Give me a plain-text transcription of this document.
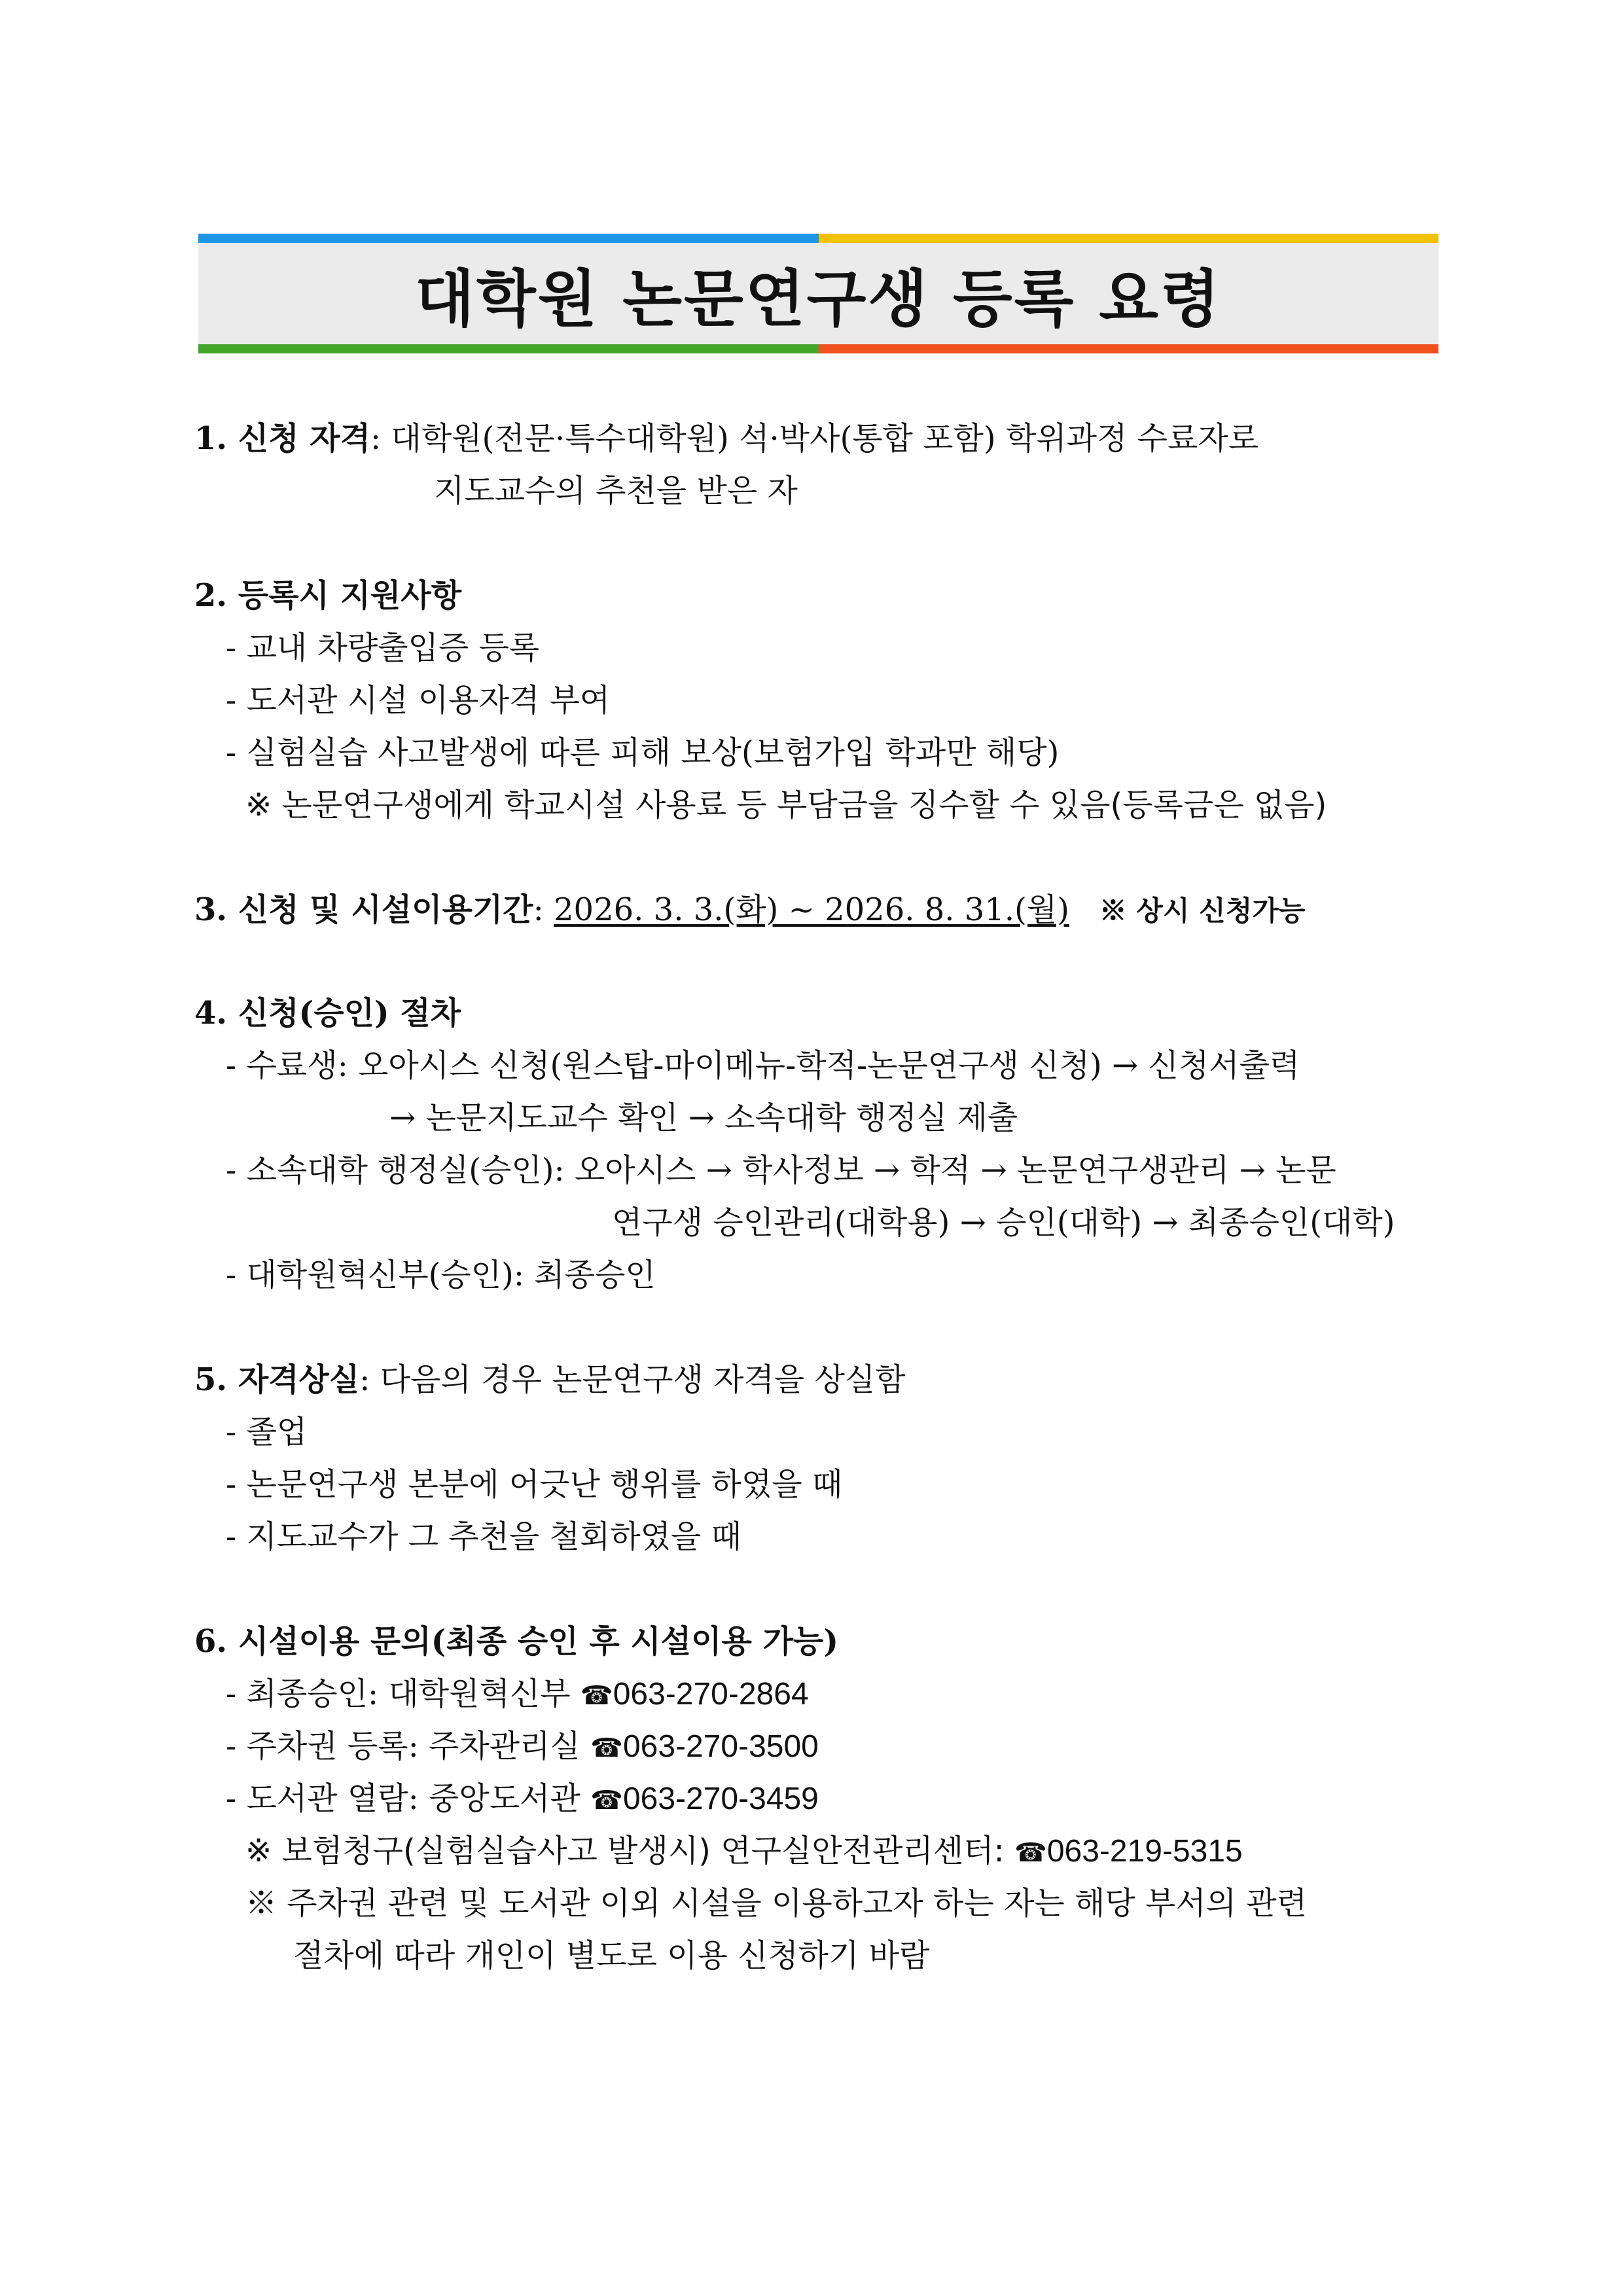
대학원 논문연구생 등록 요령
1. 신청 자격: 대학원(전문·특수대학원) 석·박사(통합 포함) 학위과정 수료자로
지도교수의 추천을 받은 자
2. 등록시 지원사항
- 교내 차량출입증 등록
- 도서관 시설 이용자격 부여
- 실험실습 사고발생에 따른 피해 보상(보험가입 학과만 해당)
※ 논문연구생에게 학교시설 사용료 등 부담금을 징수할 수 있음(등록금은 없음)
3. 신청 및 시설이용기간: 2026. 3. 3.(화) ~ 2026. 8. 31.(월) ※ 상시 신청가능
4. 신청(승인) 절차
- 수료생: 오아시스 신청(원스탑-마이메뉴-학적-논문연구생 신청) → 신청서출력
→ 논문지도교수 확인 → 소속대학 행정실 제출
- 소속대학 행정실(승인): 오아시스 → 학사정보 → 학적 → 논문연구생관리 → 논문
연구생 승인관리(대학용) → 승인(대학) → 최종승인(대학)
- 대학원혁신부(승인): 최종승인
5. 자격상실: 다음의 경우 논문연구생 자격을 상실함
- 졸업
- 논문연구생 본분에 어긋난 행위를 하였을 때
- 지도교수가 그 추천을 철회하였을 때
6. 시설이용 문의(최종 승인 후 시설이용 가능)
- 최종승인: 대학원혁신부 ☎063-270-2864
- 주차권 등록: 주차관리실 ☎063-270-3500
- 도서관 열람: 중앙도서관 ☎063-270-3459
※ 보험청구(실험실습사고 발생시) 연구실안전관리센터: ☎063-219-5315
※ 주차권 관련 및 도서관 이외 시설을 이용하고자 하는 자는 해당 부서의 관련
절차에 따라 개인이 별도로 이용 신청하기 바람
